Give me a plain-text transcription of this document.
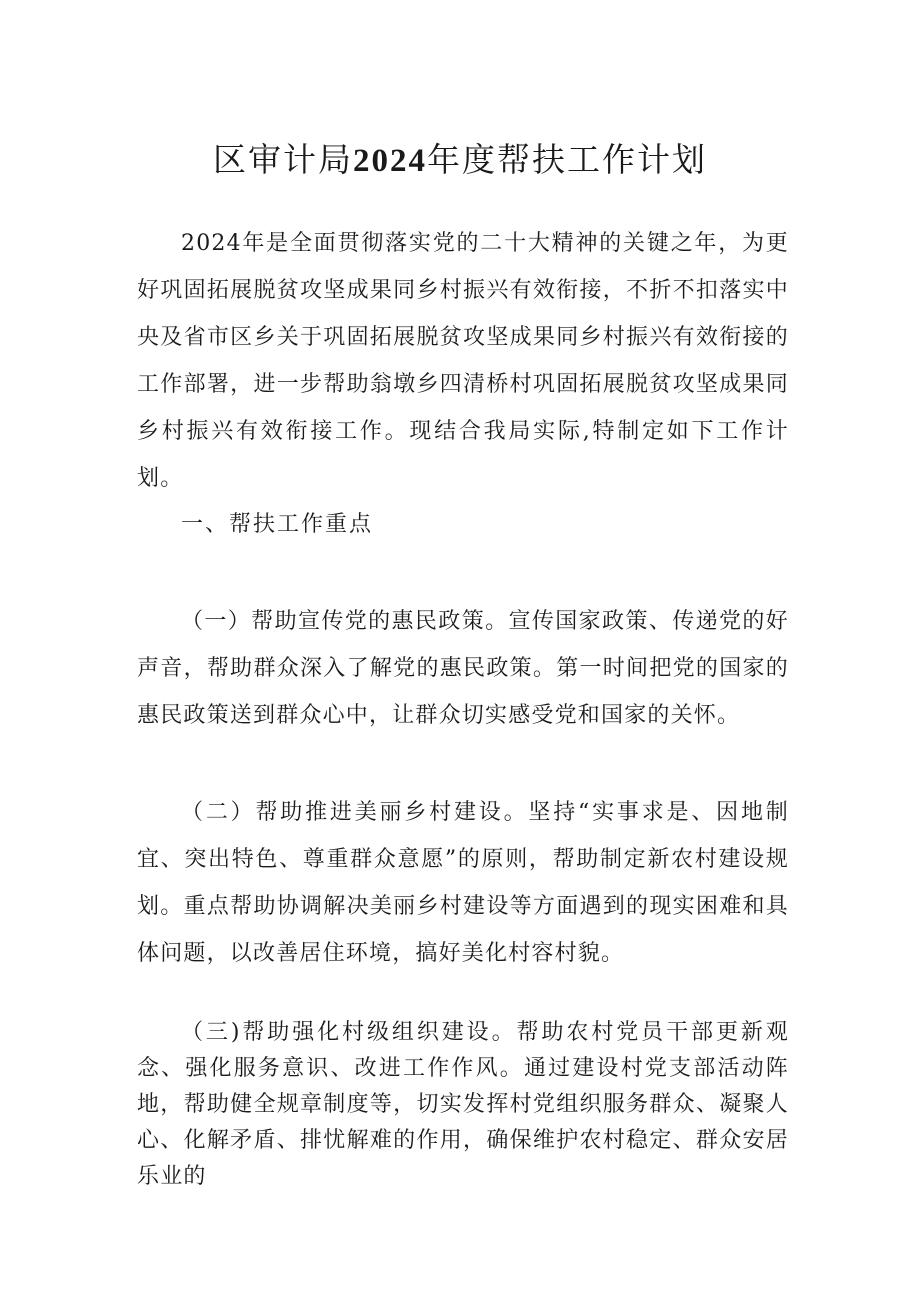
区审计局2024年度帮扶工作计划
2024年是全面贯彻落实党的二十大精神的关键之年，为更好巩固拓展脱贫攻坚成果同乡村振兴有效衔接，不折不扣落实中央及省市区乡关于巩固拓展脱贫攻坚成果同乡村振兴有效衔接的工作部署，进一步帮助翁墩乡四清桥村巩固拓展脱贫攻坚成果同乡村振兴有效衔接工作。现结合我局实际,特制定如下工作计划。
一、帮扶工作重点
（一）帮助宣传党的惠民政策。宣传国家政策、传递党的好声音，帮助群众深入了解党的惠民政策。第一时间把党的国家的惠民政策送到群众心中，让群众切实感受党和国家的关怀。
（二）帮助推进美丽乡村建设。坚持“实事求是、因地制宜、突出特色、尊重群众意愿”的原则，帮助制定新农村建设规划。重点帮助协调解决美丽乡村建设等方面遇到的现实困难和具体问题，以改善居住环境，搞好美化村容村貌。
（三)帮助强化村级组织建设。帮助农村党员干部更新观念、强化服务意识、改进工作作风。通过建设村党支部活动阵地，帮助健全规章制度等，切实发挥村党组织服务群众、凝聚人心、化解矛盾、排忧解难的作用，确保维护农村稳定、群众安居乐业的
